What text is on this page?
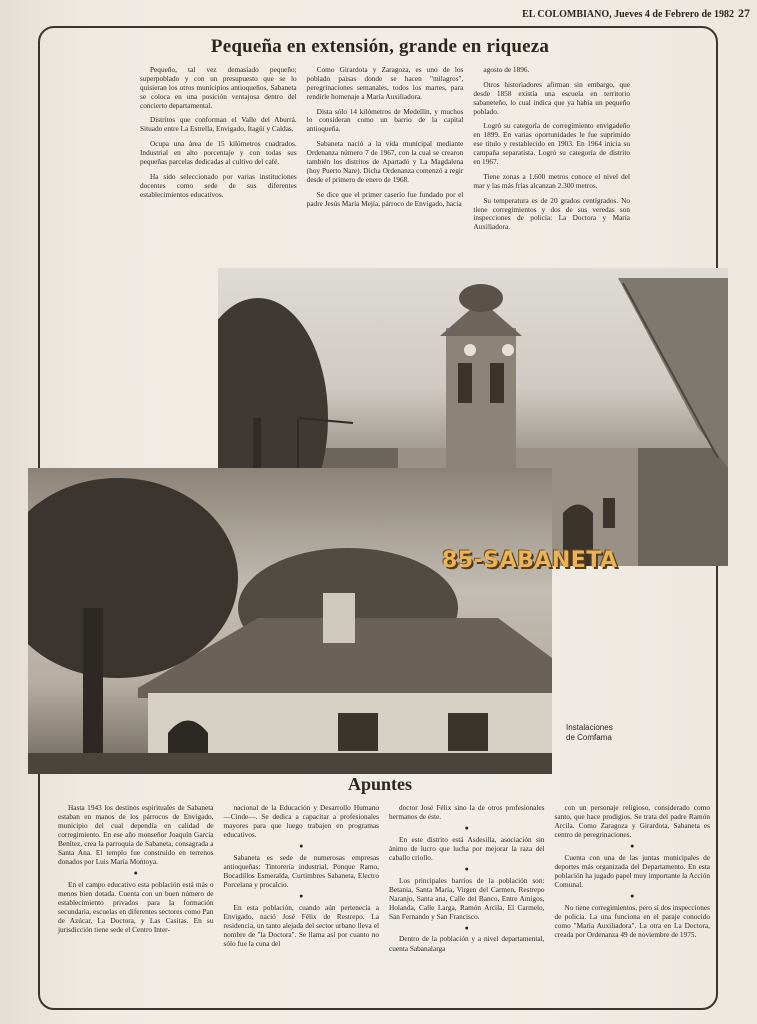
EL COLOMBIANO, Jueves 4 de Febrero de 1982 27
Pequeña en extensión, grande en riqueza

Pequeño, tal vez demasiado pequeño; superpoblado y con un presupuesto que se lo quisieran los otros municipios antioqueños, Sabaneta se coloca en una posición ventajosa dentro del concierto departamental.

Distritos que conforman el Valle del Aburrá. Situado entre La Estrella, Envigado, Itagüí y Caldas.

Ocupa una área de 15 kilómetros cuadrados. Industrial en alto porcentaje y con todas sus pequeñas parcelas dedicadas al cultivo del café.

Ha sido seleccionado por varias instituciones docentes como sede de sus diferentes establecimientos educativos.

Como Girardota y Zaragoza, es uno de los poblado paisas donde se hacen "milagros", peregrinaciones semanales, todos los martes, para rendirle homenaje a María Auxiliadora.

Dista sólo 14 kilómetros de Medellín, y muchos lo consideran como un barrio de la capital antioqueña.

Sabaneta nació a la vida municipal mediante Ordenanza número 7 de 1967, con la cual se crearon también los distritos de Apartadó y La Magdalena (hoy Puerto Nare). Dicha Ordenanza comenzó a regir desde el primero de enero de 1968.

Se dice que el primer caserío fue fundado por el padre Jesús María Mejía, párroco de Envigado, hacia

agosto de 1896.

Otros historiadores afirman sin embargo, que desde 1858 existía una escuela en territorio sabaneteño, lo cual indica que ya había un pequeño poblado.

Logró su categoría de corregimiento envigadeño en 1899. En varias oportunidades le fue suprimido ese título y restablecido en 1903. En 1964 inicia su campaña separatista. Logró su categoría de distrito en 1967.

Tiene zonas a 1.600 metros conoce el nivel del mar y las más frías alcanzan 2.300 metros.

Su temperatura es de 20 grados centígrados. No tiene corregimientos y dos de sus veredas son inspecciones de policía: La Doctora y María Auxiliadora.

85-SABANETA
Instalaciones
de Comfama
Apuntes

Hasta 1943 los destinos espirituales de Sabaneta estaban en manos de los párrocos de Envigado, municipio del cual dependía en calidad de corregimiento. En ese año monseñor Joaquín García Benítez, crea la parroquia de Sabaneta, consagrada a Santa Ana. El templo fue construido en terrenos donados por Luis María Montoya.

●

En el campo educativo esta población está más o menos bien dotada. Cuenta con un buen número de establecimiento privados para la formación secundaria, escuelas en diferentes sectores como Pan de Azúcar, La Doctora, y Las Casitas. En su jurisdicción tiene sede el Centro Inter-

nacional de la Educación y Desarrollo Humano —Cinde—. Se dedica a capacitar a profesionales mayores para que luego trabajen en programas educativos.

●

Sabaneta es sede de numerosas empresas antioqueñas: Tintorería industrial, Ponque Ramo, Bocadillos Esmeralda, Curtimbres Sabaneta, Electro Porcelana y procalcio.

●

En esta población, cuando aún pertenecía a Envigado, nació José Félix de Restrepo. La residencia, un tanto alejada del sector urbano lleva el nombre de "la Doctora". Se llama así por cuanto no sólo fue la cuna del

doctor José Félix sino la de otros profesionales hermanos de éste.

●

En este distrito está Asdesilla, asociación sin ánimo de lucro que lucha por mejorar la raza del caballo criollo.

●

Los principales barrios de la población son: Betania, Santa María, Virgen del Carmen, Restrepo Naranjo, Santa ana, Calle del Banco, Entre Amigos, Holanda, Calle Larga, Ramón Arcila, El Carmelo, San Fernando y San Francisco.

●

Dentro de la población y a nivel departamental, cuenta Sabanalarga

con un personaje religioso, considerado como santo, que hace prodigios. Se trata del padre Ramón Arcila. Como Zaragoza y Girardota, Sabaneta es centro de peregrinaciones.

●

Cuenta con una de las juntas municipales de deportes más organizada del Departamento. En esta población ha jugado papel muy importante la Acción Comunal.

●

No tiene corregimientos, pero sí dos inspecciones de policía. La una funciona en el paraje conocido como "María Auxiliadora". La otra en La Doctora, creada por Ordenanza 49 de noviembre de 1975.
